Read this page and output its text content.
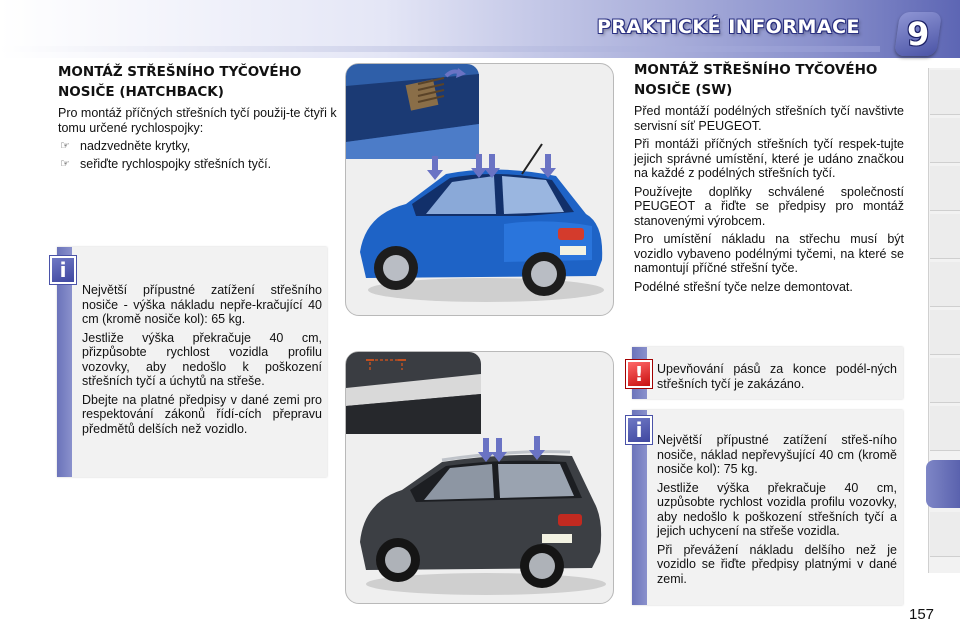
PRAKTICKÉ INFORMACE 9
MONTÁŽ STŘEŠNÍHO TYČOVÉHO NOSIČE (HATCHBACK)

Pro montáž příčných střešních tyčí použij-te čtyři k tomu určené rychlospojky:

☞ nadzvedněte krytky,
☞ seřiďte rychlospojky střešních tyčí.
i

Největší přípustné zatížení střešního nosiče - výška nákladu nepře-kračující 40 cm (kromě nosiče kol): 65 kg.

Jestliže výška překračuje 40 cm, přizpůsobte rychlost vozidla profilu vozovky, aby nedošlo k poškození střešních tyčí a úchytů na střeše.

Dbejte na platné předpisy v dané zemi pro respektování zákonů řídí-cích přepravu předmětů delších než vozidlo.

MONTÁŽ STŘEŠNÍHO TYČOVÉHO NOSIČE (SW)

Před montáží podélných střešních tyčí navštivte servisní síť PEUGEOT.

Při montáži příčných střešních tyčí respek-tujte jejich správné umístění, které je udáno značkou na každé z podélných střešních tyčí.

Používejte doplňky schválené společností PEUGEOT a řiďte se předpisy pro montáž stanovenými výrobcem.

Pro umístění nákladu na střechu musí být vozidlo vybaveno podélnými tyčemi, na které se namontují příčné střešní tyče.

Podélné střešní tyče nelze demontovat.

!	Upevňování pásů za konce podél-ných střešních tyčí je zakázáno.
i	Největší přípustné zatížení střeš-ního nosiče, náklad nepřevyšující 40 cm (kromě nosiče kol): 75 kg.

Jestliže výška překračuje 40 cm, uzpůsobte rychlost vozidla profilu vozovky, aby nedošlo k poškození střešních tyčí a jejich uchycení na střeše vozidla.

Při převážení nákladu delšího než je vozidlo se řiďte předpisy platnými v dané zemi.

157
